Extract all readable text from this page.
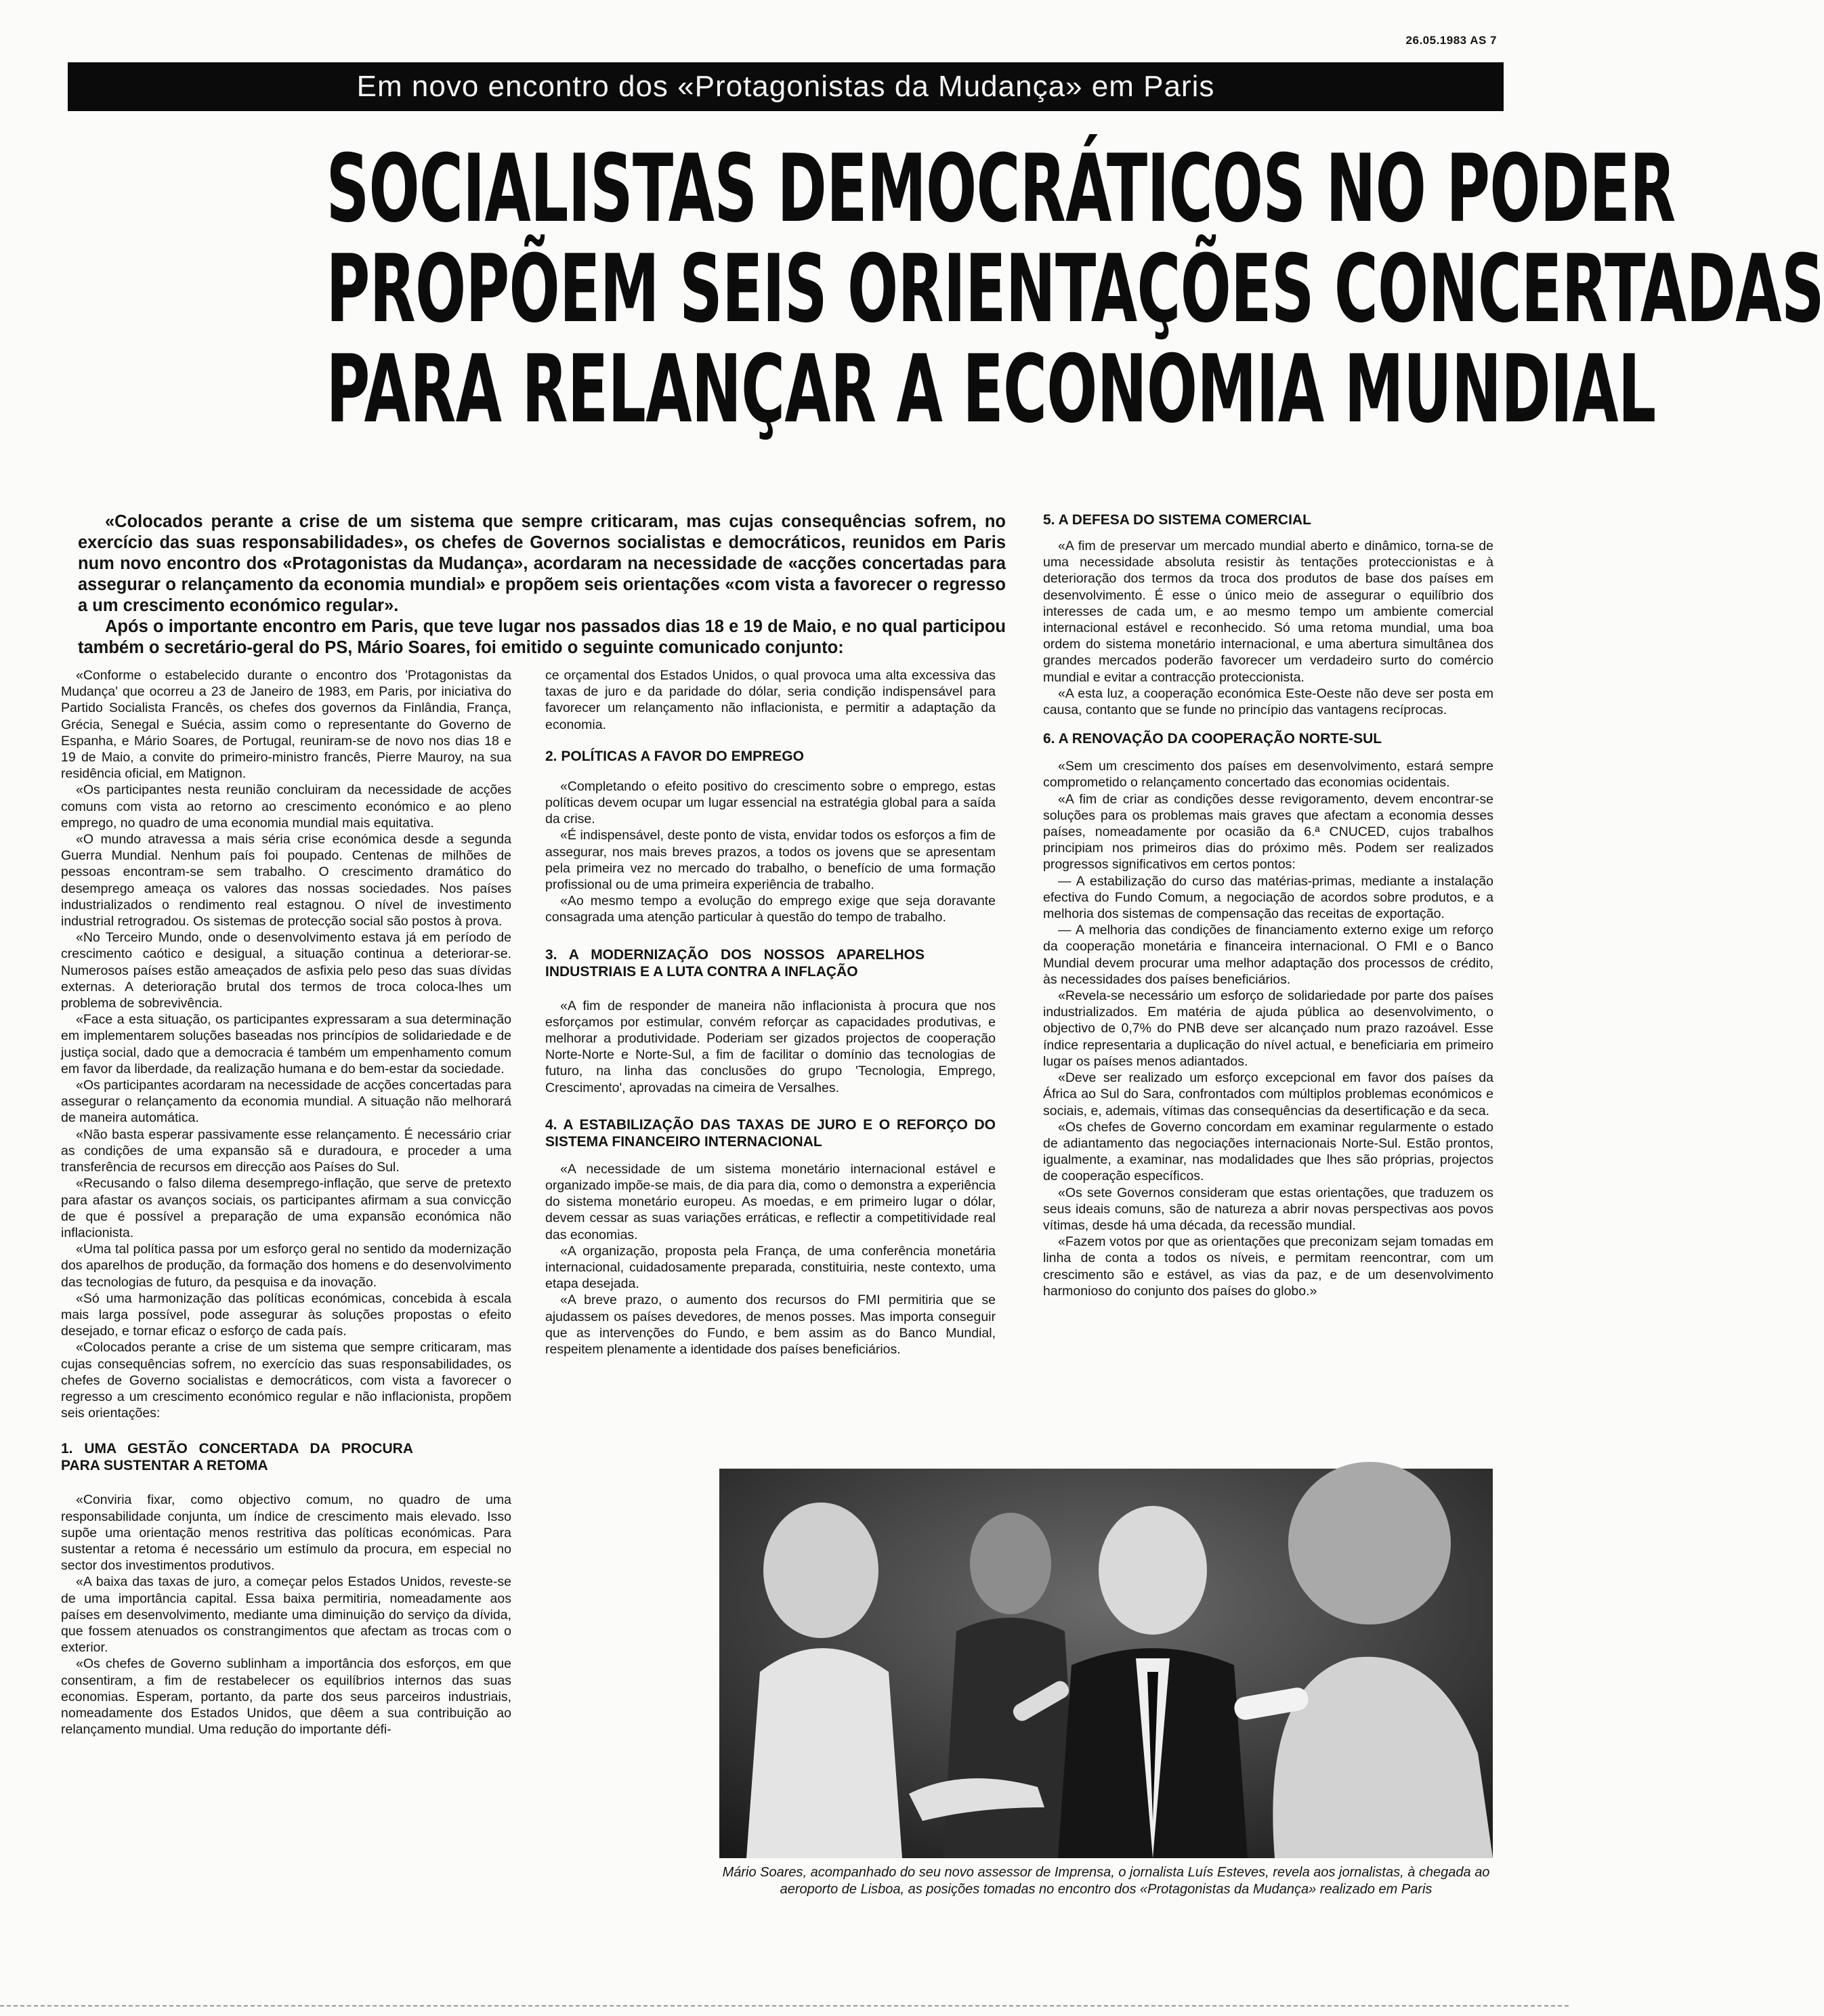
26.05.1983 AS 7
Em novo encontro dos «Protagonistas da Mudança» em Paris
SOCIALISTAS DEMOCRÁTICOS NO PODER
PROPÕEM SEIS ORIENTAÇÕES CONCERTADAS
PARA RELANÇAR A ECONOMIA MUNDIAL

«Colocados perante a crise de um sistema que sempre criticaram, mas cujas consequências sofrem, no exercício das suas responsabilidades», os chefes de Governos socialistas e democráticos, reunidos em Paris num novo encontro dos «Protagonistas da Mudança», acordaram na necessidade de «acções concertadas para assegurar o relançamento da economia mundial» e propõem seis orientações «com vista a favorecer o regresso a um crescimento económico regular».

Após o importante encontro em Paris, que teve lugar nos passados dias 18 e 19 de Maio, e no qual participou também o secretário-geral do PS, Mário Soares, foi emitido o seguinte comunicado conjunto:

«Conforme o estabelecido durante o encontro dos 'Protagonistas da Mudança' que ocorreu a 23 de Janeiro de 1983, em Paris, por iniciativa do Partido Socialista Francês, os chefes dos governos da Finlândia, França, Grécia, Senegal e Suécia, assim como o representante do Governo de Espanha, e Mário Soares, de Portugal, reuniram-se de novo nos dias 18 e 19 de Maio, a convite do primeiro-ministro francês, Pierre Mauroy, na sua residência oficial, em Matignon.

«Os participantes nesta reunião concluiram da necessidade de acções comuns com vista ao retorno ao crescimento económico e ao pleno emprego, no quadro de uma economia mundial mais equitativa.

«O mundo atravessa a mais séria crise económica desde a segunda Guerra Mundial. Nenhum país foi poupado. Centenas de milhões de pessoas encontram-se sem trabalho. O crescimento dramático do desemprego ameaça os valores das nossas sociedades. Nos países industrializados o rendimento real estagnou. O nível de investimento industrial retrogradou. Os sistemas de protecção social são postos à prova.

«No Terceiro Mundo, onde o desenvolvimento estava já em período de crescimento caótico e desigual, a situação continua a deteriorar-se. Numerosos países estão ameaçados de asfixia pelo peso das suas dívidas externas. A deterioração brutal dos termos de troca coloca-lhes um problema de sobrevivência.

«Face a esta situação, os participantes expressaram a sua determinação em implementarem soluções baseadas nos princípios de solidariedade e de justiça social, dado que a democracia é também um empenhamento comum em favor da liberdade, da realização humana e do bem-estar da sociedade.

«Os participantes acordaram na necessidade de acções concertadas para assegurar o relançamento da economia mundial. A situação não melhorará de maneira automática.

«Não basta esperar passivamente esse relançamento. É necessário criar as condições de uma expansão sã e duradoura, e proceder a uma transferência de recursos em direcção aos Países do Sul.

«Recusando o falso dilema desemprego-inflação, que serve de pretexto para afastar os avanços sociais, os participantes afirmam a sua convicção de que é possível a preparação de uma expansão económica não inflacionista.

«Uma tal política passa por um esforço geral no sentido da modernização dos aparelhos de produção, da formação dos homens e do desenvolvimento das tecnologias de futuro, da pesquisa e da inovação.

«Só uma harmonização das políticas económicas, concebida à escala mais larga possível, pode assegurar às soluções propostas o efeito desejado, e tornar eficaz o esforço de cada país.

«Colocados perante a crise de um sistema que sempre criticaram, mas cujas consequências sofrem, no exercício das suas responsabilidades, os chefes de Governo socialistas e democráticos, com vista a favorecer o regresso a um crescimento económico regular e não inflacionista, propõem seis orientações:

1. UMA GESTÃO CONCERTADA DA PROCURA PARA SUSTENTAR A RETOMA

«Conviria fixar, como objectivo comum, no quadro de uma responsabilidade conjunta, um índice de crescimento mais elevado. Isso supõe uma orientação menos restritiva das políticas económicas. Para sustentar a retoma é necessário um estímulo da procura, em especial no sector dos investimentos produtivos.

«A baixa das taxas de juro, a começar pelos Estados Unidos, reveste-se de uma importância capital. Essa baixa permitiria, nomeadamente aos países em desenvolvimento, mediante uma diminuição do serviço da dívida, que fossem atenuados os constrangimentos que afectam as trocas com o exterior.

«Os chefes de Governo sublinham a importância dos esforços, em que consentiram, a fim de restabelecer os equilíbrios internos das suas economias. Esperam, portanto, da parte dos seus parceiros industriais, nomeadamente dos Estados Unidos, que dêem a sua contribuição ao relançamento mundial. Uma redução do importante défi-

ce orçamental dos Estados Unidos, o qual provoca uma alta excessiva das taxas de juro e da paridade do dólar, seria condição indispensável para favorecer um relançamento não inflacionista, e permitir a adaptação da economia.

2. POLÍTICAS A FAVOR DO EMPREGO

«Completando o efeito positivo do crescimento sobre o emprego, estas políticas devem ocupar um lugar essencial na estratégia global para a saída da crise.

«É indispensável, deste ponto de vista, envidar todos os esforços a fim de assegurar, nos mais breves prazos, a todos os jovens que se apresentam pela primeira vez no mercado do trabalho, o benefício de uma formação profissional ou de uma primeira experiência de trabalho.

«Ao mesmo tempo a evolução do emprego exige que seja doravante consagrada uma atenção particular à questão do tempo de trabalho.

3. A MODERNIZAÇÃO DOS NOSSOS APARELHOS INDUSTRIAIS E A LUTA CONTRA A INFLAÇÃO

«A fim de responder de maneira não inflacionista à procura que nos esforçamos por estimular, convém reforçar as capacidades produtivas, e melhorar a produtividade. Poderiam ser gizados projectos de cooperação Norte-Norte e Norte-Sul, a fim de facilitar o domínio das tecnologias de futuro, na linha das conclusões do grupo 'Tecnologia, Emprego, Crescimento', aprovadas na cimeira de Versalhes.

4. A ESTABILIZAÇÃO DAS TAXAS DE JURO E O REFORÇO DO SISTEMA FINANCEIRO INTERNACIONAL

«A necessidade de um sistema monetário internacional estável e organizado impõe-se mais, de dia para dia, como o demonstra a experiência do sistema monetário europeu. As moedas, e em primeiro lugar o dólar, devem cessar as suas variações erráticas, e reflectir a competitividade real das economias.

«A organização, proposta pela França, de uma conferência monetária internacional, cuidadosamente preparada, constituiria, neste contexto, uma etapa desejada.

«A breve prazo, o aumento dos recursos do FMI permitiria que se ajudassem os países devedores, de menos posses. Mas importa conseguir que as intervenções do Fundo, e bem assim as do Banco Mundial, respeitem plenamente a identidade dos países beneficiários.

5. A DEFESA DO SISTEMA COMERCIAL

«A fim de preservar um mercado mundial aberto e dinâmico, torna-se de uma necessidade absoluta resistir às tentações proteccionistas e à deterioração dos termos da troca dos produtos de base dos países em desenvolvimento. É esse o único meio de assegurar o equilíbrio dos interesses de cada um, e ao mesmo tempo um ambiente comercial internacional estável e reconhecido. Só uma retoma mundial, uma boa ordem do sistema monetário internacional, e uma abertura simultânea dos grandes mercados poderão favorecer um verdadeiro surto do comércio mundial e evitar a contracção proteccionista.

«A esta luz, a cooperação económica Este-Oeste não deve ser posta em causa, contanto que se funde no princípio das vantagens recíprocas.

6. A RENOVAÇÃO DA COOPERAÇÃO NORTE-SUL

«Sem um crescimento dos países em desenvolvimento, estará sempre comprometido o relançamento concertado das economias ocidentais.

«A fim de criar as condições desse revigoramento, devem encontrar-se soluções para os problemas mais graves que afectam a economia desses países, nomeadamente por ocasião da 6.ª CNUCED, cujos trabalhos principiam nos primeiros dias do próximo mês. Podem ser realizados progressos significativos em certos pontos:

— A estabilização do curso das matérias-primas, mediante a instalação efectiva do Fundo Comum, a negociação de acordos sobre produtos, e a melhoria dos sistemas de compensação das receitas de exportação.

— A melhoria das condições de financiamento externo exige um reforço da cooperação monetária e financeira internacional. O FMI e o Banco Mundial devem procurar uma melhor adaptação dos processos de crédito, às necessidades dos países beneficiários.

«Revela-se necessário um esforço de solidariedade por parte dos países industrializados. Em matéria de ajuda pública ao desenvolvimento, o objectivo de 0,7% do PNB deve ser alcançado num prazo razoável. Esse índice representaria a duplicação do nível actual, e beneficiaria em primeiro lugar os países menos adiantados.

«Deve ser realizado um esforço excepcional em favor dos países da África ao Sul do Sara, confrontados com múltiplos problemas económicos e sociais, e, ademais, vítimas das consequências da desertificação e da seca.

«Os chefes de Governo concordam em examinar regularmente o estado de adiantamento das negociações internacionais Norte-Sul. Estão prontos, igualmente, a examinar, nas modalidades que lhes são próprias, projectos de cooperação específicos.

«Os sete Governos consideram que estas orientações, que traduzem os seus ideais comuns, são de natureza a abrir novas perspectivas aos povos vítimas, desde há uma década, da recessão mundial.

«Fazem votos por que as orientações que preconizam sejam tomadas em linha de conta a todos os níveis, e permitam reencontrar, com um crescimento são e estável, as vias da paz, e de um desenvolvimento harmonioso do conjunto dos países do globo.»

Mário Soares, acompanhado do seu novo assessor de Imprensa, o jornalista Luís Esteves, revela aos jornalistas, à chegada ao aeroporto de Lisboa, as posições tomadas no encontro dos «Protagonistas da Mudança» realizado em Paris
